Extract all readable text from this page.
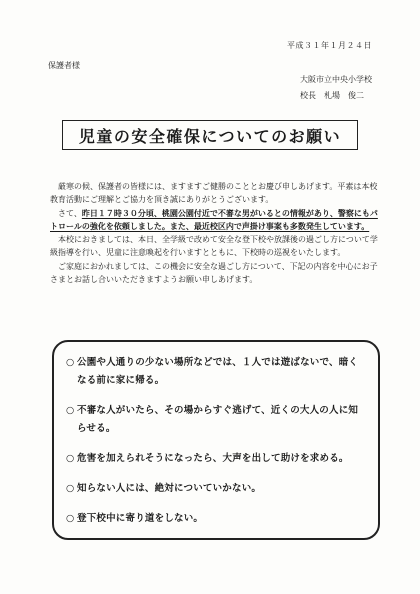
平成３１年１月２４日
保護者様
大阪市立中央小学校
校長　札場　俊二
児童の安全確保についてのお願い

厳寒の候、保護者の皆様には、ますますご健勝のこととお慶び申しあげます。平素は本校教育活動にご理解とご協力を頂き誠にありがとうございます。

さて、昨日１７時３０分頃、桃園公園付近で不審な男がいるとの情報があり、警察にもパトロールの強化を依頼しました。また、最近校区内で声掛け事案も多数発生しています。

本校におきましては、本日、全学級で改めて安全な登下校や放課後の過ごし方について学級指導を行い、児童に注意喚起を行いますとともに、下校時の巡視をいたします。

ご家庭におかれましては、この機会に安全な過ごし方について、下記の内容を中心にお子さまとお話し合いいただきますようお願い申しあげます。

○ 公園や人通りの少ない場所などでは、１人では遊ばないで、暗くなる前に家に帰る。
○ 不審な人がいたら、その場からすぐ逃げて、近くの大人の人に知らせる。
○ 危害を加えられそうになったら、大声を出して助けを求める。
○ 知らない人には、絶対についていかない。
○ 登下校中に寄り道をしない。
